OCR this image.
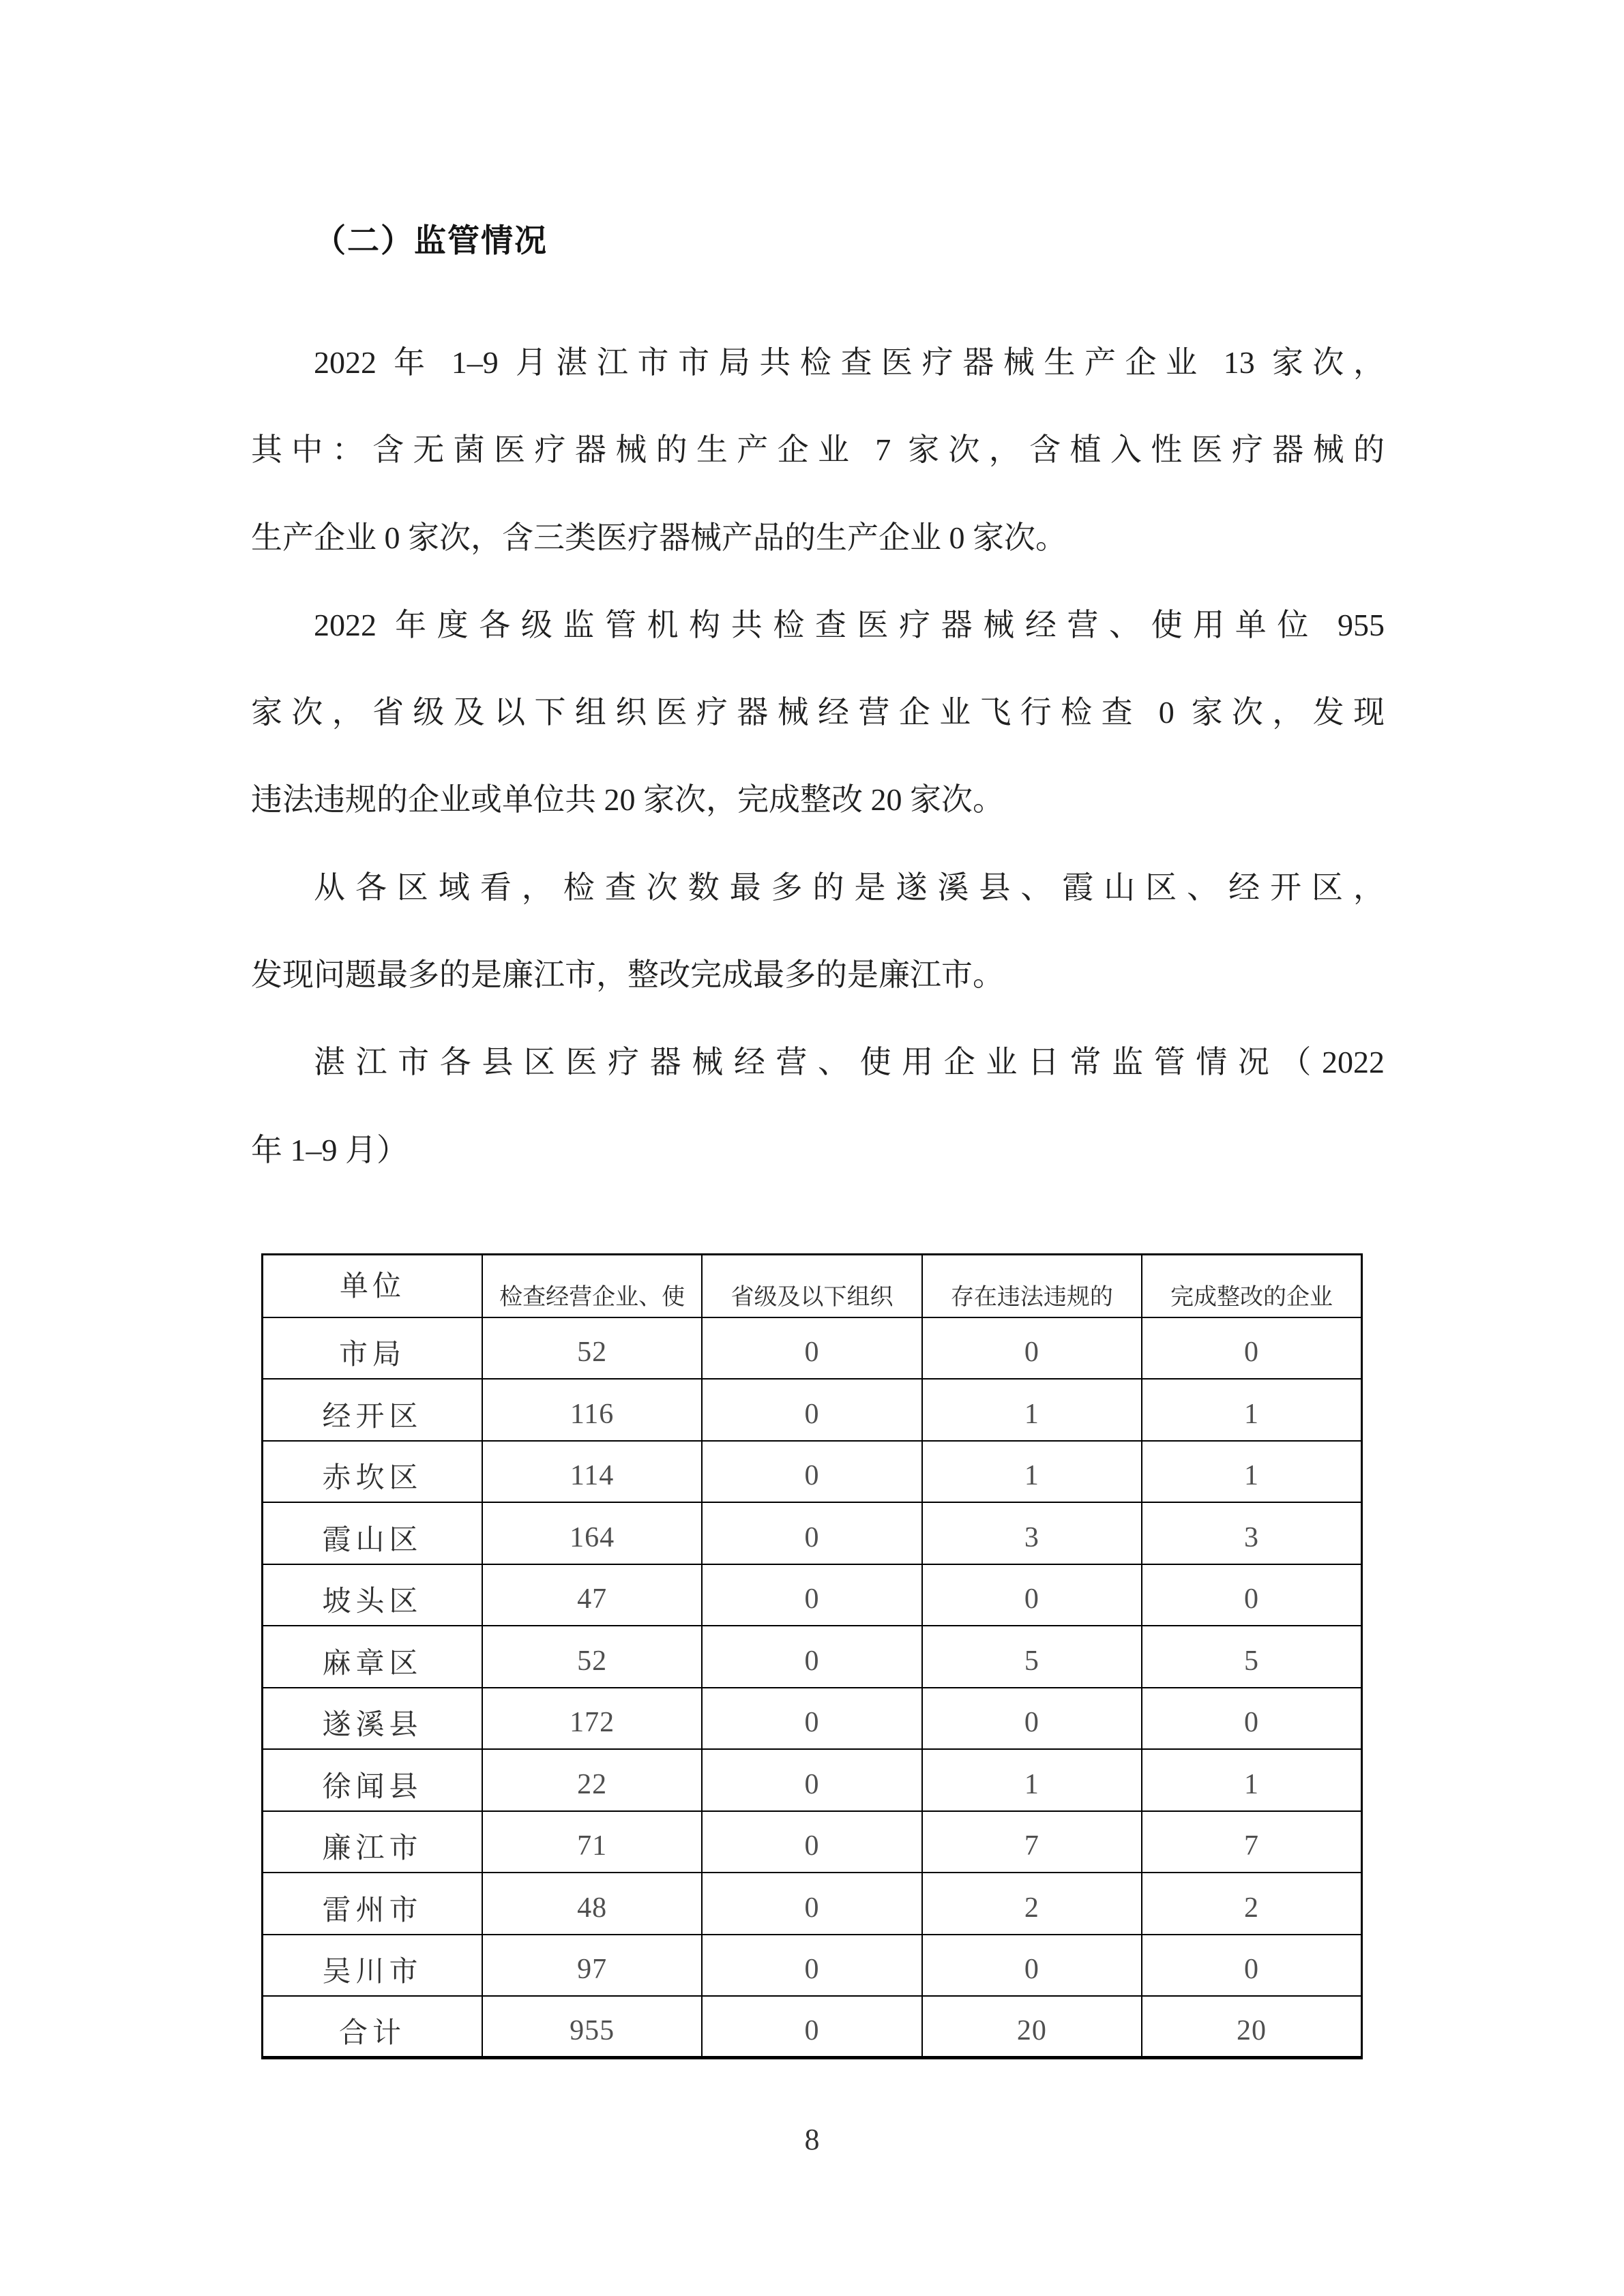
（二）监管情况
2022 年 1–9 月湛江市市局共检查医疗器械生产企业 13 家次，
其中：含无菌医疗器械的生产企业 7 家次，含植入性医疗器械的
生产企业 0 家次，含三类医疗器械产品的生产企业 0 家次。
2022 年度各级监管机构共检查医疗器械经营、使用单位 955
家次，省级及以下组织医疗器械经营企业飞行检查 0 家次，发现
违法违规的企业或单位共 20 家次，完成整改 20 家次。
从各区域看，检查次数最多的是遂溪县、霞山区、经开区，
发现问题最多的是廉江市，整改完成最多的是廉江市。
湛江市各县区医疗器械经营、使用企业日常监管情况（2022
年 1–9 月）
单位	检查经营企业、使	省级及以下组织	存在违法违规的	完成整改的企业
市局	52	0	0	0
经开区	116	0	1	1
赤坎区	114	0	1	1
霞山区	164	0	3	3
坡头区	47	0	0	0
麻章区	52	0	5	5
遂溪县	172	0	0	0
徐闻县	22	0	1	1
廉江市	71	0	7	7
雷州市	48	0	2	2
吴川市	97	0	0	0
合计	955	0	20	20
8
